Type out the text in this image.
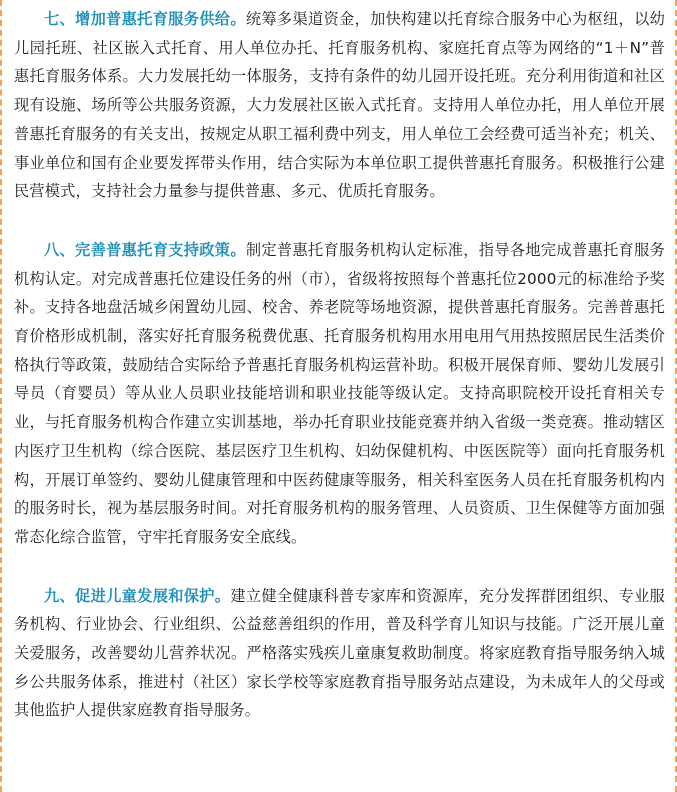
七、增加普惠托育服务供给。统筹多渠道资金，加快构建以托育综合服务中心为枢纽，以幼儿园托班、社区嵌入式托育、用人单位办托、托育服务机构、家庭托育点等为网络的“1＋N”普惠托育服务体系。大力发展托幼一体服务，支持有条件的幼儿园开设托班。充分利用街道和社区现有设施、场所等公共服务资源，大力发展社区嵌入式托育。支持用人单位办托，用人单位开展普惠托育服务的有关支出，按规定从职工福利费中列支，用人单位工会经费可适当补充；机关、事业单位和国有企业要发挥带头作用，结合实际为本单位职工提供普惠托育服务。积极推行公建民营模式，支持社会力量参与提供普惠、多元、优质托育服务。

八、完善普惠托育支持政策。制定普惠托育服务机构认定标准，指导各地完成普惠托育服务机构认定。对完成普惠托位建设任务的州（市），省级将按照每个普惠托位2000元的标准给予奖补。支持各地盘活城乡闲置幼儿园、校舍、养老院等场地资源，提供普惠托育服务。完善普惠托育价格形成机制，落实好托育服务税费优惠、托育服务机构用水用电用气用热按照居民生活类价格执行等政策，鼓励结合实际给予普惠托育服务机构运营补助。积极开展保育师、婴幼儿发展引导员（育婴员）等从业人员职业技能培训和职业技能等级认定。支持高职院校开设托育相关专业，与托育服务机构合作建立实训基地，举办托育职业技能竞赛并纳入省级一类竞赛。推动辖区内医疗卫生机构（综合医院、基层医疗卫生机构、妇幼保健机构、中医医院等）面向托育服务机构，开展订单签约、婴幼儿健康管理和中医药健康等服务，相关科室医务人员在托育服务机构内的服务时长，视为基层服务时间。对托育服务机构的服务管理、人员资质、卫生保健等方面加强常态化综合监管，守牢托育服务安全底线。

九、促进儿童发展和保护。建立健全健康科普专家库和资源库，充分发挥群团组织、专业服务机构、行业协会、行业组织、公益慈善组织的作用，普及科学育儿知识与技能。广泛开展儿童关爱服务，改善婴幼儿营养状况。严格落实残疾儿童康复救助制度。将家庭教育指导服务纳入城乡公共服务体系，推进村（社区）家长学校等家庭教育指导服务站点建设，为未成年人的父母或其他监护人提供家庭教育指导服务。
